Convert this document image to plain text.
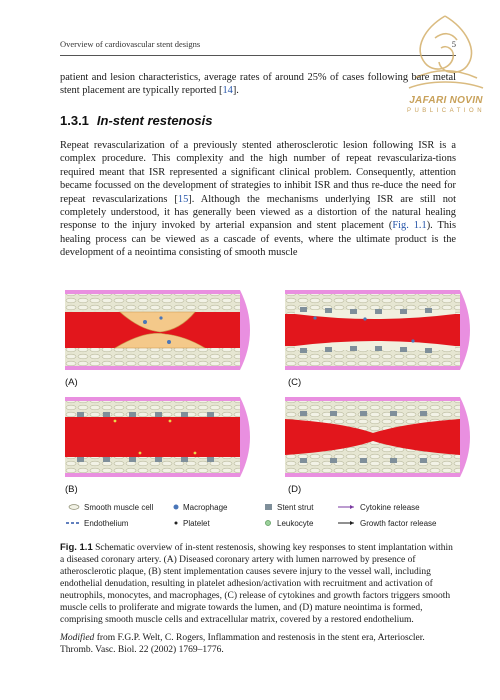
Overview of cardiovascular stent designs	5
JAFARI NOVIN
PUBLICATION

patient and lesion characteristics, average rates of around 25% of cases following bare metal stent placement are typically reported [14].

1.3.1 In-stent restenosis

Repeat revascularization of a previously stented atherosclerotic lesion following ISR is a complex procedure. This complexity and the high number of repeat revasculariza-tions required meant that ISR represented a significant clinical problem. Consequently, attention became focussed on the development of strategies to inhibit ISR and thus re-duce the need for repeat revascularizations [15]. Although the mechanisms underlying ISR are still not completely understood, it has generally been viewed as a distortion of the natural healing response to the injury invoked by arterial expansion and stent placement (Fig. 1.1). This healing process can be viewed as a cascade of events, where the ultimate product is the development of a neointima consisting of smooth muscle

(A)	(C)
(B)	(D)
Smooth muscle cell	Macrophage	Stent strut	Cytokine release
Endothelium	Platelet	Leukocyte	Growth factor release

Fig. 1.1 Schematic overview of in-stent restenosis, showing key responses to stent implantation within a diseased coronary artery. (A) Diseased coronary artery with lumen narrowed by presence of atherosclerotic plaque, (B) stent implementation causes severe injury to the vessel wall, including endothelial denudation, resulting in platelet adhesion/activation with recruitment and activation of neutrophils, monocytes, and macrophages, (C) release of cytokines and growth factors triggers smooth muscle cells to proliferate and migrate towards the lumen, and (D) mature neointima is formed, comprising smooth muscle cells and extracellular matrix, covered by a restored endothelium.

Modified from F.G.P. Welt, C. Rogers, Inflammation and restenosis in the stent era, Arterioscler. Thromb. Vasc. Biol. 22 (2002) 1769–1776.
